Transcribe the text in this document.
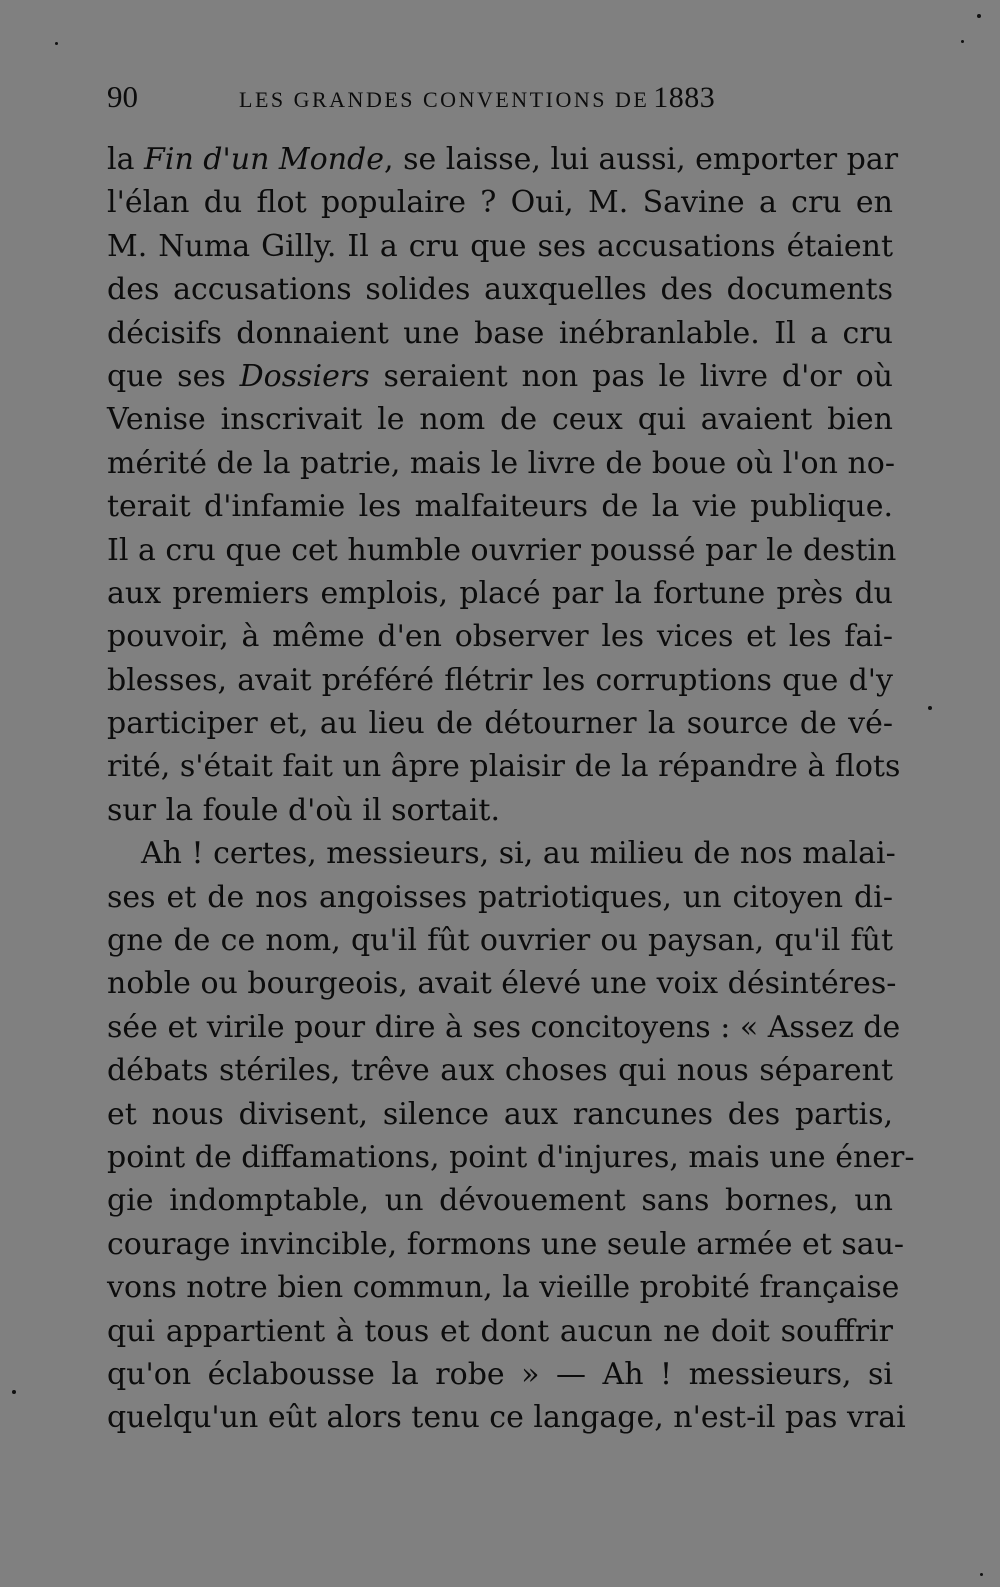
90	LES GRANDES CONVENTIONS DE 1883
la Fin d'un Monde, se laisse, lui aussi, emporter par
l'élan du flot populaire ? Oui, M. Savine a cru en
M. Numa Gilly. Il a cru que ses accusations étaient
des accusations solides auxquelles des documents
décisifs donnaient une base inébranlable. Il a cru
que ses Dossiers seraient non pas le livre d'or où
Venise inscrivait le nom de ceux qui avaient bien
mérité de la patrie, mais le livre de boue où l'on no-
terait d'infamie les malfaiteurs de la vie publique.
Il a cru que cet humble ouvrier poussé par le destin
aux premiers emplois, placé par la fortune près du
pouvoir, à même d'en observer les vices et les fai-
blesses, avait préféré flétrir les corruptions que d'y
participer et, au lieu de détourner la source de vé-
rité, s'était fait un âpre plaisir de la répandre à flots
sur la foule d'où il sortait.
Ah ! certes, messieurs, si, au milieu de nos malai-
ses et de nos angoisses patriotiques, un citoyen di-
gne de ce nom, qu'il fût ouvrier ou paysan, qu'il fût
noble ou bourgeois, avait élevé une voix désintéres-
sée et virile pour dire à ses concitoyens : « Assez de
débats stériles, trêve aux choses qui nous séparent
et nous divisent, silence aux rancunes des partis,
point de diffamations, point d'injures, mais une éner-
gie indomptable, un dévouement sans bornes, un
courage invincible, formons une seule armée et sau-
vons notre bien commun, la vieille probité française
qui appartient à tous et dont aucun ne doit souffrir
qu'on éclabousse la robe » — Ah ! messieurs, si
quelqu'un eût alors tenu ce langage, n'est-il pas vrai
